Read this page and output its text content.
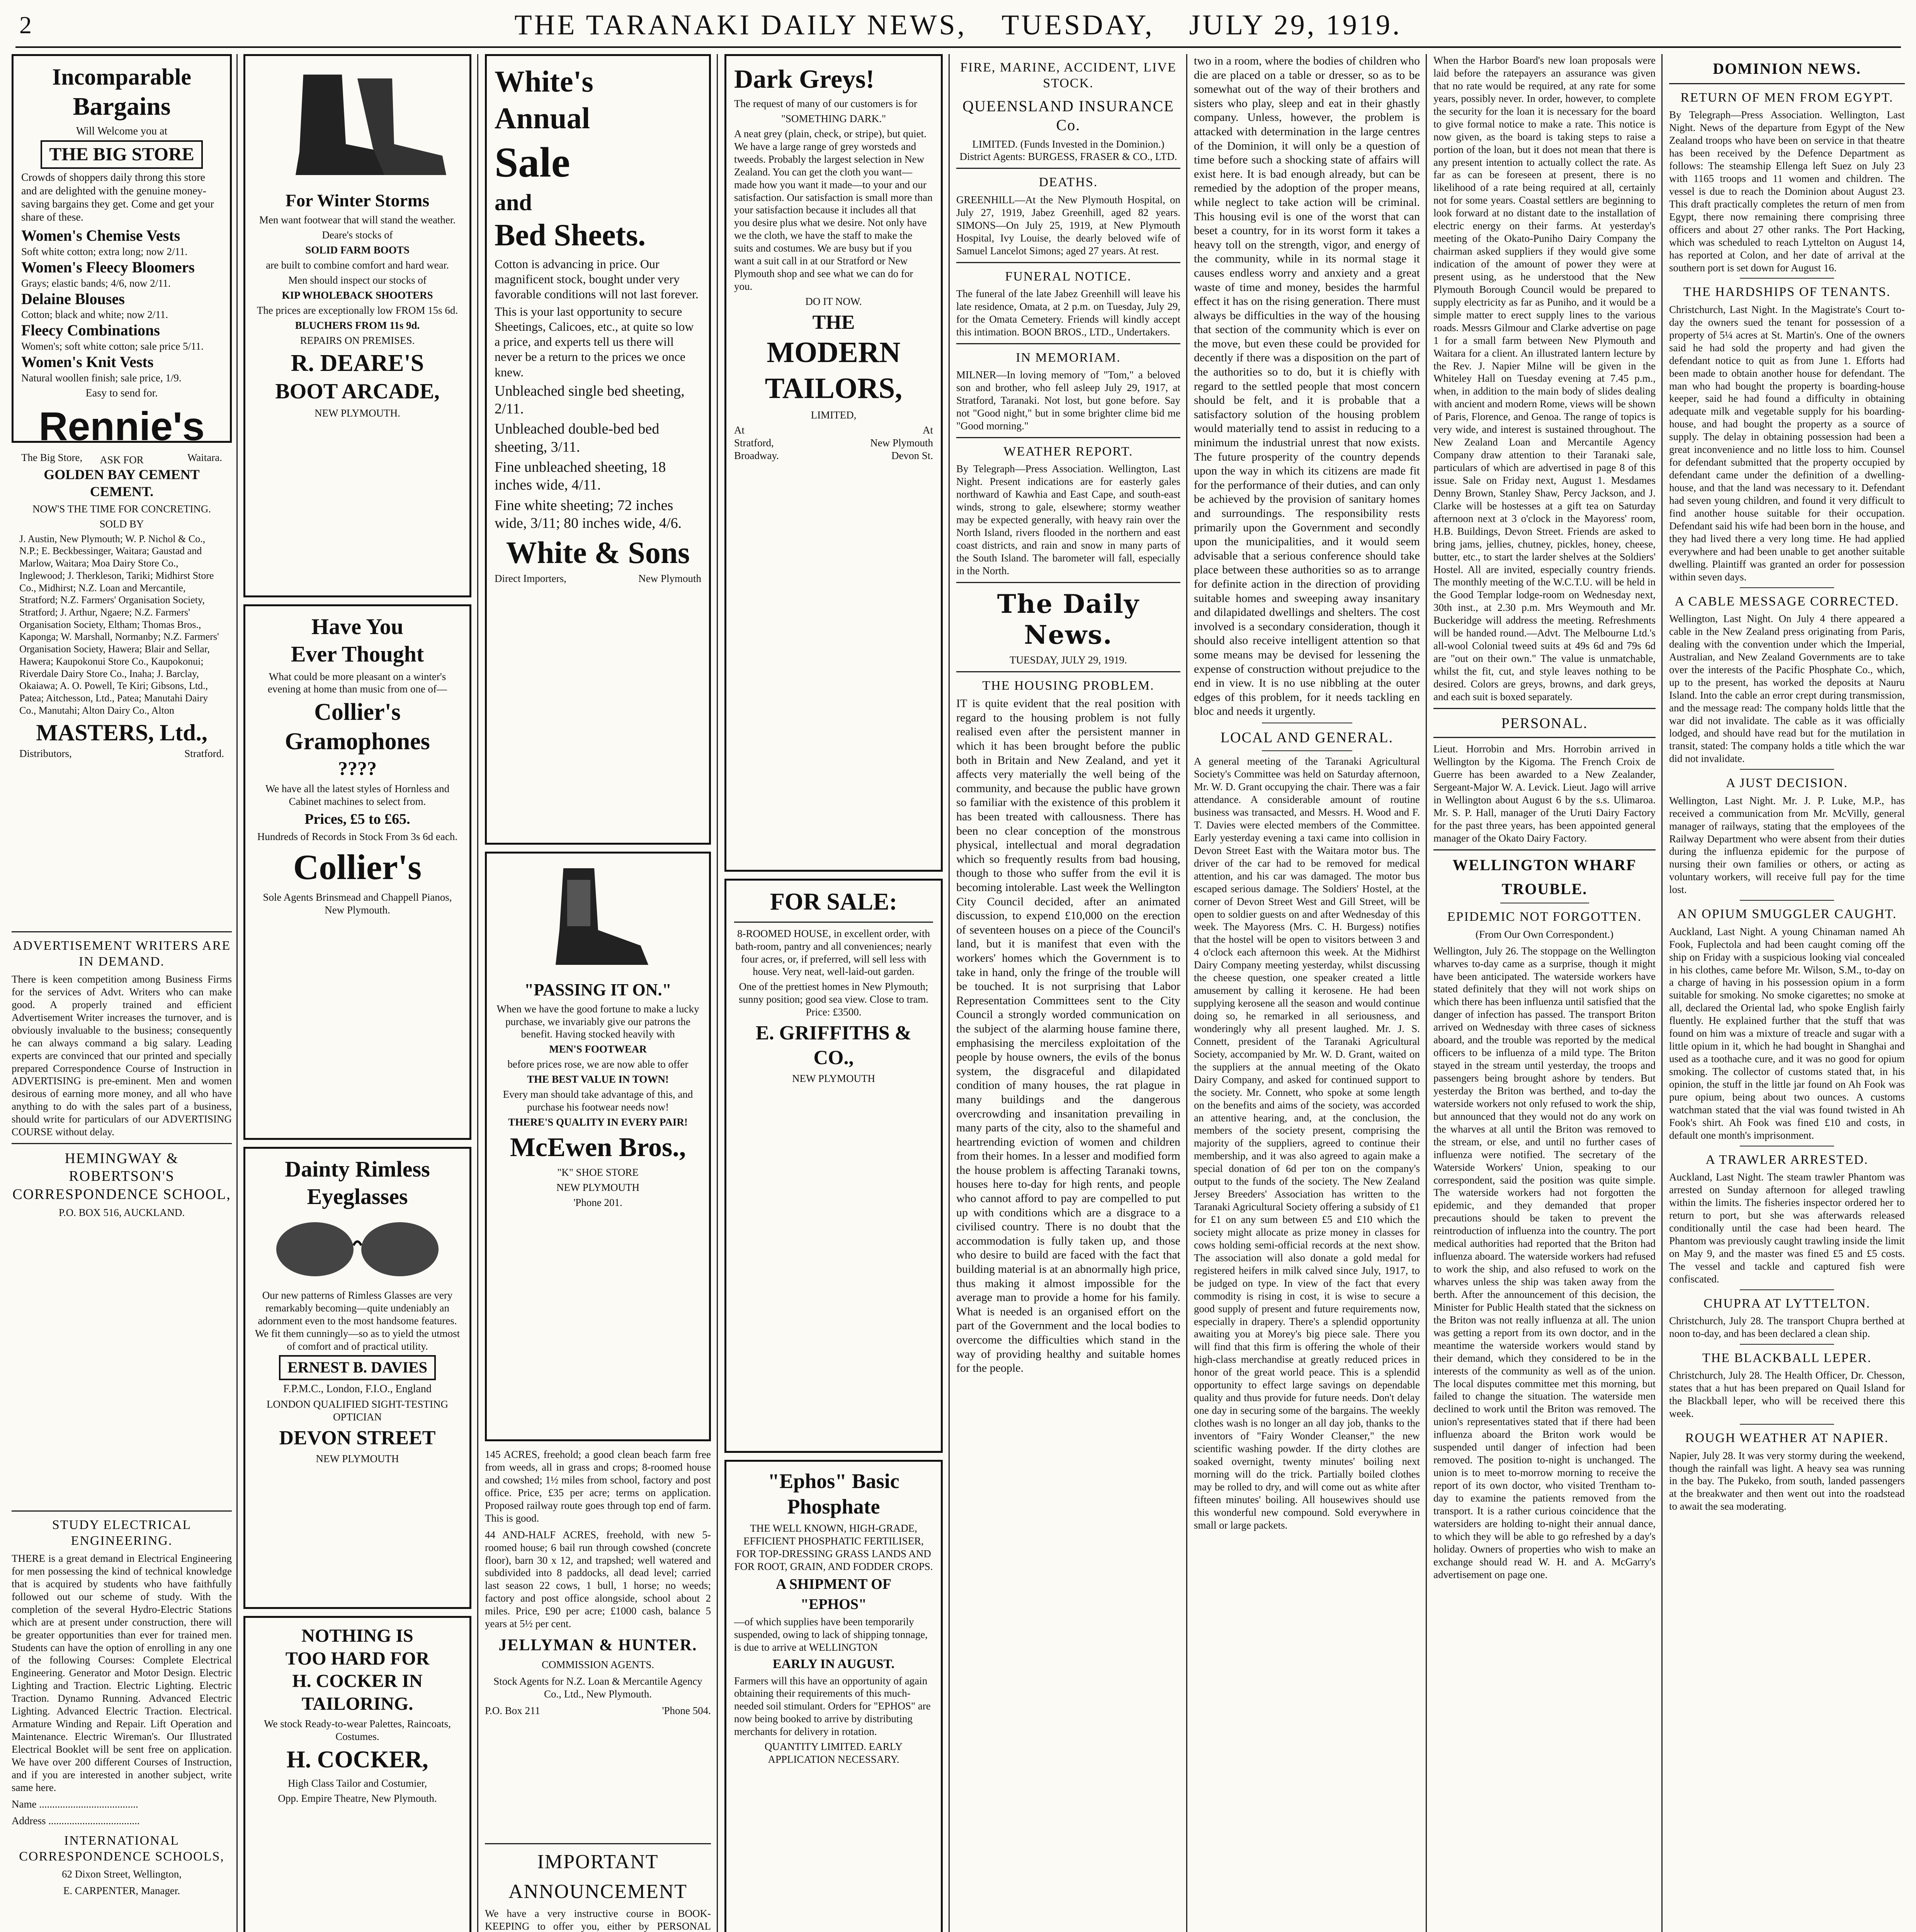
2	THE TARANAKI DAILY NEWS, TUESDAY, JULY 29, 1919.
Incomparable
Bargains

Will Welcome you at

THE BIG STORE

Crowds of shoppers daily throng this store and are delighted with the genuine money-saving bargains they get. Come and get your share of these.

Women's Chemise Vests
Soft white cotton; extra long; now 2/11.
Women's Fleecy Bloomers
Grays; elastic bands; 4/6, now 2/11.
Delaine Blouses
Cotton; black and white; now 2/11.
Fleecy Combinations
Women's; soft white cotton; sale price 5/11.
Women's Knit Vests
Natural woollen finish; sale price, 1/9.

Easy to send for.

Rennie's
The Big Store,	Waitara.
ASK FOR
GOLDEN BAY CEMENT
CEMENT.

NOW'S THE TIME FOR CONCRETING.

SOLD BY

J. Austin, New Plymouth; W. P. Nichol & Co., N.P.; E. Beckbessinger, Waitara; Gaustad and Marlow, Waitara; Moa Dairy Store Co., Inglewood; J. Therkleson, Tariki; Midhirst Store Co., Midhirst; N.Z. Loan and Mercantile, Stratford; N.Z. Farmers' Organisation Society, Stratford; J. Arthur, Ngaere; N.Z. Farmers' Organisation Society, Eltham; Thomas Bros., Kaponga; W. Marshall, Normanby; N.Z. Farmers' Organisation Society, Hawera; Blair and Sellar, Hawera; Kaupokonui Store Co., Kaupokonui; Riverdale Dairy Store Co., Inaha; J. Barclay, Okaiawa; A. O. Powell, Te Kiri; Gibsons, Ltd., Patea; Aitchesson, Ltd., Patea; Manutahi Dairy Co., Manutahi; Alton Dairy Co., Alton

MASTERS, Ltd.,
Distributors,	Stratford.
ADVERTISEMENT WRITERS ARE IN DEMAND.

There is keen competition among Business Firms for the services of Advt. Writers who can make good. A properly trained and efficient Advertisement Writer increases the turnover, and is obviously invaluable to the business; consequently he can always command a big salary. Leading experts are convinced that our printed and specially prepared Correspondence Course of Instruction in ADVERTISING is pre-eminent. Men and women desirous of earning more money, and all who have anything to do with the sales part of a business, should write for particulars of our ADVERTISING COURSE without delay.

HEMINGWAY & ROBERTSON'S CORRESPONDENCE SCHOOL,

P.O. BOX 516, AUCKLAND.

STUDY ELECTRICAL ENGINEERING.

THERE is a great demand in Electrical Engineering for men possessing the kind of technical knowledge that is acquired by students who have faithfully followed out our scheme of study. With the completion of the several Hydro-Electric Stations which are at present under construction, there will be greater opportunities than ever for trained men. Students can have the option of enrolling in any one of the following Courses: Complete Electrical Engineering. Generator and Motor Design. Electric Lighting and Traction. Electric Lighting. Electric Traction. Dynamo Running. Advanced Electric Lighting. Advanced Electric Traction. Electrical. Armature Winding and Repair. Lift Operation and Maintenance. Electric Wireman's. Our Illustrated Electrical Booklet will be sent free on application. We have over 200 different Courses of Instruction, and if you are interested in another subject, write same here.

Name ......................................

Address ...................................

INTERNATIONAL CORRESPONDENCE SCHOOLS,

62 Dixon Street, Wellington,

E. CARPENTER, Manager.

For Winter Storms

Men want footwear that will stand the weather.

Deare's stocks of

SOLID FARM BOOTS

are built to combine comfort and hard wear.

Men should inspect our stocks of

KIP WHOLEBACK SHOOTERS

The prices are exceptionally low FROM 15s 6d.

BLUCHERS FROM 11s 9d.

REPAIRS ON PREMISES.

R. DEARE'S
BOOT ARCADE,

NEW PLYMOUTH.

Have You
Ever Thought

What could be more pleasant on a winter's evening at home than music from one of—

Collier's Gramophones
????

We have all the latest styles of Hornless and Cabinet machines to select from.

Prices, £5 to £65.

Hundreds of Records in Stock From 3s 6d each.

Collier's

Sole Agents Brinsmead and Chappell Pianos, New Plymouth.

Dainty Rimless Eyeglasses

Our new patterns of Rimless Glasses are very remarkably becoming—quite undeniably an adornment even to the most handsome features. We fit them cunningly—so as to yield the utmost of comfort and of practical utility.

ERNEST B. DAVIES

F.P.M.C., London, F.I.O., England

LONDON QUALIFIED SIGHT-TESTING OPTICIAN

DEVON STREET

NEW PLYMOUTH

NOTHING IS
TOO HARD FOR
H. COCKER IN
TAILORING.

We stock Ready-to-wear Palettes, Raincoats, Costumes.

H. COCKER,

High Class Tailor and Costumier,

Opp. Empire Theatre, New Plymouth.

White's
Annual
Sale
and
Bed Sheets.

Cotton is advancing in price. Our magnificent stock, bought under very favorable conditions will not last forever.

This is your last opportunity to secure Sheetings, Calicoes, etc., at quite so low a price, and experts tell us there will never be a return to the prices we once knew.

Unbleached single bed sheeting, 2/11.

Unbleached double-bed bed sheeting, 3/11.

Fine unbleached sheeting, 18 inches wide, 4/11.

Fine white sheeting; 72 inches wide, 3/11; 80 inches wide, 4/6.

White & Sons
Direct Importers,	New Plymouth
"PASSING IT ON."

When we have the good fortune to make a lucky purchase, we invariably give our patrons the benefit. Having stocked heavily with

MEN'S FOOTWEAR

before prices rose, we are now able to offer

THE BEST VALUE IN TOWN!

Every man should take advantage of this, and purchase his footwear needs now!

THERE'S QUALITY IN EVERY PAIR!

McEwen Bros.,

"K" SHOE STORE

NEW PLYMOUTH

'Phone 201.

145 ACRES, freehold; a good clean beach farm free from weeds, all in grass and crops; 8-roomed house and cowshed; 1½ miles from school, factory and post office. Price, £35 per acre; terms on application. Proposed railway route goes through top end of farm. This is good.

44 AND-HALF ACRES, freehold, with new 5-roomed house; 6 bail run through cowshed (concrete floor), barn 30 x 12, and trapshed; well watered and subdivided into 8 paddocks, all dead level; carried last season 22 cows, 1 bull, 1 horse; no weeds; factory and post office alongside, school about 2 miles. Price, £90 per acre; £1000 cash, balance 5 years at 5½ per cent.

JELLYMAN & HUNTER.

COMMISSION AGENTS.

Stock Agents for N.Z. Loan & Mercantile Agency Co., Ltd., New Plymouth.

P.O. Box 211	'Phone 504.
IMPORTANT
ANNOUNCEMENT

We have a very instructive course in BOOK-KEEPING to offer you, either by PERSONAL

Dark Greys!

The request of many of our customers is for

"SOMETHING DARK."

A neat grey (plain, check, or stripe), but quiet. We have a large range of grey worsteds and tweeds. Probably the largest selection in New Zealand. You can get the cloth you want—made how you want it made—to your and our satisfaction. Our satisfaction is small more than your satisfaction because it includes all that you desire plus what we desire. Not only have we the cloth, we have the staff to make the suits and costumes. We are busy but if you want a suit call in at our Stratford or New Plymouth shop and see what we can do for you.

DO IT NOW.

THE
MODERN
TAILORS,

LIMITED,

At	At
Stratford,	New Plymouth
Broadway.	Devon St.
FOR SALE:

8-ROOMED HOUSE, in excellent order, with bath-room, pantry and all conveniences; nearly four acres, or, if preferred, will sell less with house. Very neat, well-laid-out garden.

One of the prettiest homes in New Plymouth; sunny position; good sea view. Close to tram. Price: £3500.

E. GRIFFITHS & CO.,

NEW PLYMOUTH

"Ephos" Basic Phosphate

THE WELL KNOWN, HIGH-GRADE, EFFICIENT PHOSPHATIC FERTILISER, FOR TOP-DRESSING GRASS LANDS AND FOR ROOT, GRAIN, AND FODDER CROPS.

A SHIPMENT OF

"EPHOS"

—of which supplies have been temporarily suspended, owing to lack of shipping tonnage, is due to arrive at WELLINGTON

EARLY IN AUGUST.

Farmers will this have an opportunity of again obtaining their requirements of this much-needed soil stimulant. Orders for "EPHOS" are now being booked to arrive by distributing merchants for delivery in rotation.

QUANTITY LIMITED. EARLY APPLICATION NECESSARY.

FIRE, MARINE, ACCIDENT, LIVE STOCK.
QUEENSLAND INSURANCE Co.

LIMITED. (Funds Invested in the Dominion.) District Agents: BURGESS, FRASER & CO., LTD.

DEATHS.

GREENHILL—At the New Plymouth Hospital, on July 27, 1919, Jabez Greenhill, aged 82 years. SIMONS—On July 25, 1919, at New Plymouth Hospital, Ivy Louise, the dearly beloved wife of Samuel Lancelot Simons; aged 27 years. At rest.

FUNERAL NOTICE.

The funeral of the late Jabez Greenhill will leave his late residence, Omata, at 2 p.m. on Tuesday, July 29, for the Omata Cemetery. Friends will kindly accept this intimation. BOON BROS., LTD., Undertakers.

IN MEMORIAM.

MILNER—In loving memory of "Tom," a beloved son and brother, who fell asleep July 29, 1917, at Stratford, Taranaki. Not lost, but gone before. Say not "Good night," but in some brighter clime bid me "Good morning."

WEATHER REPORT.

By Telegraph—Press Association. Wellington, Last Night. Present indications are for easterly gales northward of Kawhia and East Cape, and south-east winds, strong to gale, elsewhere; stormy weather may be expected generally, with heavy rain over the North Island, rivers flooded in the northern and east coast districts, and rain and snow in many parts of the South Island. The barometer will fall, especially in the North.

The Daily News.

TUESDAY, JULY 29, 1919.

THE HOUSING PROBLEM.

IT is quite evident that the real position with regard to the housing problem is not fully realised even after the persistent manner in which it has been brought before the public both in Britain and New Zealand, and yet it affects very materially the well being of the community, and because the public have grown so familiar with the existence of this problem it has been treated with callousness. There has been no clear conception of the monstrous physical, intellectual and moral degradation which so frequently results from bad housing, though to those who suffer from the evil it is becoming intolerable. Last week the Wellington City Council decided, after an animated discussion, to expend £10,000 on the erection of seventeen houses on a piece of the Council's land, but it is manifest that even with the workers' homes which the Government is to take in hand, only the fringe of the trouble will be touched. It is not surprising that Labor Representation Committees sent to the City Council a strongly worded communication on the subject of the alarming house famine there, emphasising the merciless exploitation of the people by house owners, the evils of the bonus system, the disgraceful and dilapidated condition of many houses, the rat plague in many buildings and the dangerous overcrowding and insanitation prevailing in many parts of the city, also to the shameful and heartrending eviction of women and children from their homes. In a lesser and modified form the house problem is affecting Taranaki towns, houses here to-day for high rents, and people who cannot afford to pay are compelled to put up with conditions which are a disgrace to a civilised country. There is no doubt that the accommodation is fully taken up, and those who desire to build are faced with the fact that building material is at an abnormally high price, thus making it almost impossible for the average man to provide a home for his family. What is needed is an organised effort on the part of the Government and the local bodies to overcome the difficulties which stand in the way of providing healthy and suitable homes for the people.

two in a room, where the bodies of children who die are placed on a table or dresser, so as to be somewhat out of the way of their brothers and sisters who play, sleep and eat in their ghastly company. Unless, however, the problem is attacked with determination in the large centres of the Dominion, it will only be a question of time before such a shocking state of affairs will exist here. It is bad enough already, but can be remedied by the adoption of the proper means, while neglect to take action will be criminal. This housing evil is one of the worst that can beset a country, for in its worst form it takes a heavy toll on the strength, vigor, and energy of the community, while in its normal stage it causes endless worry and anxiety and a great waste of time and money, besides the harmful effect it has on the rising generation. There must always be difficulties in the way of the housing that section of the community which is ever on the move, but even these could be provided for decently if there was a disposition on the part of the authorities so to do, but it is chiefly with regard to the settled people that most concern should be felt, and it is probable that a satisfactory solution of the housing problem would materially tend to assist in reducing to a minimum the industrial unrest that now exists. The future prosperity of the country depends upon the way in which its citizens are made fit for the performance of their duties, and can only be achieved by the provision of sanitary homes and surroundings. The responsibility rests primarily upon the Government and secondly upon the municipalities, and it would seem advisable that a serious conference should take place between these authorities so as to arrange for definite action in the direction of providing suitable homes and sweeping away insanitary and dilapidated dwellings and shelters. The cost involved is a secondary consideration, though it should also receive intelligent attention so that some means may be devised for lessening the expense of construction without prejudice to the end in view. It is no use nibbling at the outer edges of this problem, for it needs tackling en bloc and needs it urgently.

LOCAL AND GENERAL.

A general meeting of the Taranaki Agricultural Society's Committee was held on Saturday afternoon, Mr. W. D. Grant occupying the chair. There was a fair attendance. A considerable amount of routine business was transacted, and Messrs. H. Wood and F. T. Davies were elected members of the Committee. Early yesterday evening a taxi came into collision in Devon Street East with the Waitara motor bus. The driver of the car had to be removed for medical attention, and his car was damaged. The motor bus escaped serious damage. The Soldiers' Hostel, at the corner of Devon Street West and Gill Street, will be open to soldier guests on and after Wednesday of this week. The Mayoress (Mrs. C. H. Burgess) notifies that the hostel will be open to visitors between 3 and 4 o'clock each afternoon this week. At the Midhirst Dairy Company meeting yesterday, whilst discussing the cheese question, one speaker created a little amusement by calling it kerosene. He had been supplying kerosene all the season and would continue doing so, he remarked in all seriousness, and wonderingly why all present laughed. Mr. J. S. Connett, president of the Taranaki Agricultural Society, accompanied by Mr. W. D. Grant, waited on the suppliers at the annual meeting of the Okato Dairy Company, and asked for continued support to the society. Mr. Connett, who spoke at some length on the benefits and aims of the society, was accorded an attentive hearing, and, at the conclusion, the members of the society present, comprising the majority of the suppliers, agreed to continue their membership, and it was also agreed to again make a special donation of 6d per ton on the company's output to the funds of the society. The New Zealand Jersey Breeders' Association has written to the Taranaki Agricultural Society offering a subsidy of £1 for £1 on any sum between £5 and £10 which the society might allocate as prize money in classes for cows holding semi-official records at the next show. The association will also donate a gold medal for registered heifers in milk calved since July, 1917, to be judged on type. In view of the fact that every commodity is rising in cost, it is wise to secure a good supply of present and future requirements now, especially in drapery. There's a splendid opportunity awaiting you at Morey's big piece sale. There you will find that this firm is offering the whole of their high-class merchandise at greatly reduced prices in honor of the great world peace. This is a splendid opportunity to effect large savings on dependable quality and thus provide for future needs. Don't delay one day in securing some of the bargains. The weekly clothes wash is no longer an all day job, thanks to the inventors of "Fairy Wonder Cleanser," the new scientific washing powder. If the dirty clothes are soaked overnight, twenty minutes' boiling next morning will do the trick. Partially boiled clothes may be rolled to dry, and will come out as white after fifteen minutes' boiling. All housewives should use this wonderful new compound. Sold everywhere in small or large packets.

When the Harbor Board's new loan proposals were laid before the ratepayers an assurance was given that no rate would be required, at any rate for some years, possibly never. In order, however, to complete the security for the loan it is necessary for the board to give formal notice to make a rate. This notice is now given, as the board is taking steps to raise a portion of the loan, but it does not mean that there is any present intention to actually collect the rate. As far as can be foreseen at present, there is no likelihood of a rate being required at all, certainly not for some years. Coastal settlers are beginning to look forward at no distant date to the installation of electric energy on their farms. At yesterday's meeting of the Okato-Puniho Dairy Company the chairman asked suppliers if they would give some indication of the amount of power they were at present using, as he understood that the New Plymouth Borough Council would be prepared to supply electricity as far as Puniho, and it would be a simple matter to erect supply lines to the various roads. Messrs Gilmour and Clarke advertise on page 1 for a small farm between New Plymouth and Waitara for a client. An illustrated lantern lecture by the Rev. J. Napier Milne will be given in the Whiteley Hall on Tuesday evening at 7.45 p.m., when, in addition to the main body of slides dealing with ancient and modern Rome, views will be shown of Paris, Florence, and Genoa. The range of topics is very wide, and interest is sustained throughout. The New Zealand Loan and Mercantile Agency Company draw attention to their Taranaki sale, particulars of which are advertised in page 8 of this issue. Sale on Friday next, August 1. Mesdames Denny Brown, Stanley Shaw, Percy Jackson, and J. Clarke will be hostesses at a gift tea on Saturday afternoon next at 3 o'clock in the Mayoress' room, H.B. Buildings, Devon Street. Friends are asked to bring jams, jellies, chutney, pickles, honey, cheese, butter, etc., to start the larder shelves at the Soldiers' Hostel. All are invited, especially country friends. The monthly meeting of the W.C.T.U. will be held in the Good Templar lodge-room on Wednesday next, 30th inst., at 2.30 p.m. Mrs Weymouth and Mr. Buckeridge will address the meeting. Refreshments will be handed round.—Advt. The Melbourne Ltd.'s all-wool Colonial tweed suits at 49s 6d and 79s 6d are "out on their own." The value is unmatchable, whilst the fit, cut, and style leaves nothing to be desired. Colors are greys, browns, and dark greys, and each suit is boxed separately.

PERSONAL.

Lieut. Horrobin and Mrs. Horrobin arrived in Wellington by the Kigoma. The French Croix de Guerre has been awarded to a New Zealander, Sergeant-Major W. A. Levick. Lieut. Jago will arrive in Wellington about August 6 by the s.s. Ulimaroa. Mr. S. P. Hall, manager of the Uruti Dairy Factory for the past three years, has been appointed general manager of the Okato Dairy Factory.

WELLINGTON WHARF
TROUBLE.
EPIDEMIC NOT FORGOTTEN.

(From Our Own Correspondent.)

Wellington, July 26. The stoppage on the Wellington wharves to-day came as a surprise, though it might have been anticipated. The waterside workers have stated definitely that they will not work ships on which there has been influenza until satisfied that the danger of infection has passed. The transport Briton arrived on Wednesday with three cases of sickness aboard, and the trouble was reported by the medical officers to be influenza of a mild type. The Briton stayed in the stream until yesterday, the troops and passengers being brought ashore by tenders. But yesterday the Briton was berthed, and to-day the waterside workers not only refused to work the ship, but announced that they would not do any work on the wharves at all until the Briton was removed to the stream, or else, and until no further cases of influenza were notified. The secretary of the Waterside Workers' Union, speaking to our correspondent, said the position was quite simple. The waterside workers had not forgotten the epidemic, and they demanded that proper precautions should be taken to prevent the reintroduction of influenza into the country. The port medical authorities had reported that the Briton had influenza aboard. The waterside workers had refused to work the ship, and also refused to work on the wharves unless the ship was taken away from the berth. After the announcement of this decision, the Minister for Public Health stated that the sickness on the Briton was not really influenza at all. The union was getting a report from its own doctor, and in the meantime the waterside workers would stand by their demand, which they considered to be in the interests of the community as well as of the union. The local disputes committee met this morning, but failed to change the situation. The waterside men declined to work until the Briton was removed. The union's representatives stated that if there had been influenza aboard the Briton work would be suspended until danger of infection had been removed. The position to-night is unchanged. The union is to meet to-morrow morning to receive the report of its own doctor, who visited Trentham to-day to examine the patients removed from the transport. It is a rather curious coincidence that the watersiders are holding to-night their annual dance, to which they will be able to go refreshed by a day's holiday. Owners of properties who wish to make an exchange should read W. H. and A. McGarry's advertisement on page one.

DOMINION NEWS.
RETURN OF MEN FROM EGYPT.

By Telegraph—Press Association. Wellington, Last Night. News of the departure from Egypt of the New Zealand troops who have been on service in that theatre has been received by the Defence Department as follows: The steamship Ellenga left Suez on July 23 with 1165 troops and 11 women and children. The vessel is due to reach the Dominion about August 23. This draft practically completes the return of men from Egypt, there now remaining there comprising three officers and about 27 other ranks. The Port Hacking, which was scheduled to reach Lyttelton on August 14, has reported at Colon, and her date of arrival at the southern port is set down for August 16.

THE HARDSHIPS OF TENANTS.

Christchurch, Last Night. In the Magistrate's Court to-day the owners sued the tenant for possession of a property of 5¼ acres at St. Martin's. One of the owners said he had sold the property and had given the defendant notice to quit as from June 1. Efforts had been made to obtain another house for defendant. The man who had bought the property is boarding-house keeper, said he had found a difficulty in obtaining adequate milk and vegetable supply for his boarding-house, and had bought the property as a source of supply. The delay in obtaining possession had been a great inconvenience and no little loss to him. Counsel for defendant submitted that the property occupied by defendant came under the definition of a dwelling-house, and that the land was necessary to it. Defendant had seven young children, and found it very difficult to find another house suitable for their occupation. Defendant said his wife had been born in the house, and they had lived there a very long time. He had applied everywhere and had been unable to get another suitable dwelling. Plaintiff was granted an order for possession within seven days.

A CABLE MESSAGE CORRECTED.

Wellington, Last Night. On July 4 there appeared a cable in the New Zealand press originating from Paris, dealing with the convention under which the Imperial, Australian, and New Zealand Governments are to take over the interests of the Pacific Phosphate Co., which, up to the present, has worked the deposits at Nauru Island. Into the cable an error crept during transmission, and the message read: The company holds little that the war did not invalidate. The cable as it was officially lodged, and should have read but for the mutilation in transit, stated: The company holds a title which the war did not invalidate.

A JUST DECISION.

Wellington, Last Night. Mr. J. P. Luke, M.P., has received a communication from Mr. McVilly, general manager of railways, stating that the employees of the Railway Department who were absent from their duties during the influenza epidemic for the purpose of nursing their own families or others, or acting as voluntary workers, will receive full pay for the time lost.

AN OPIUM SMUGGLER CAUGHT.

Auckland, Last Night. A young Chinaman named Ah Fook, Fuplectola and had been caught coming off the ship on Friday with a suspicious looking vial concealed in his clothes, came before Mr. Wilson, S.M., to-day on a charge of having in his possession opium in a form suitable for smoking. No smoke cigarettes; no smoke at all, declared the Oriental lad, who spoke English fairly fluently. He explained further that the stuff that was found on him was a mixture of treacle and sugar with a little opium in it, which he had bought in Shanghai and used as a toothache cure, and it was no good for opium smoking. The collector of customs stated that, in his opinion, the stuff in the little jar found on Ah Fook was pure opium, being about two ounces. A customs watchman stated that the vial was found twisted in Ah Fook's shirt. Ah Fook was fined £10 and costs, in default one month's imprisonment.

A TRAWLER ARRESTED.

Auckland, Last Night. The steam trawler Phantom was arrested on Sunday afternoon for alleged trawling within the limits. The fisheries inspector ordered her to return to port, but she was afterwards released conditionally until the case had been heard. The Phantom was previously caught trawling inside the limit on May 9, and the master was fined £5 and £5 costs. The vessel and tackle and captured fish were confiscated.

CHUPRA AT LYTTELTON.

Christchurch, July 28. The transport Chupra berthed at noon to-day, and has been declared a clean ship.

THE BLACKBALL LEPER.

Christchurch, July 28. The Health Officer, Dr. Chesson, states that a hut has been prepared on Quail Island for the Blackball leper, who will be received there this week.

ROUGH WEATHER AT NAPIER.

Napier, July 28. It was very stormy during the weekend, though the rainfall was light. A heavy sea was running in the bay. The Pukeko, from south, landed passengers at the breakwater and then went out into the roadstead to await the sea moderating.
